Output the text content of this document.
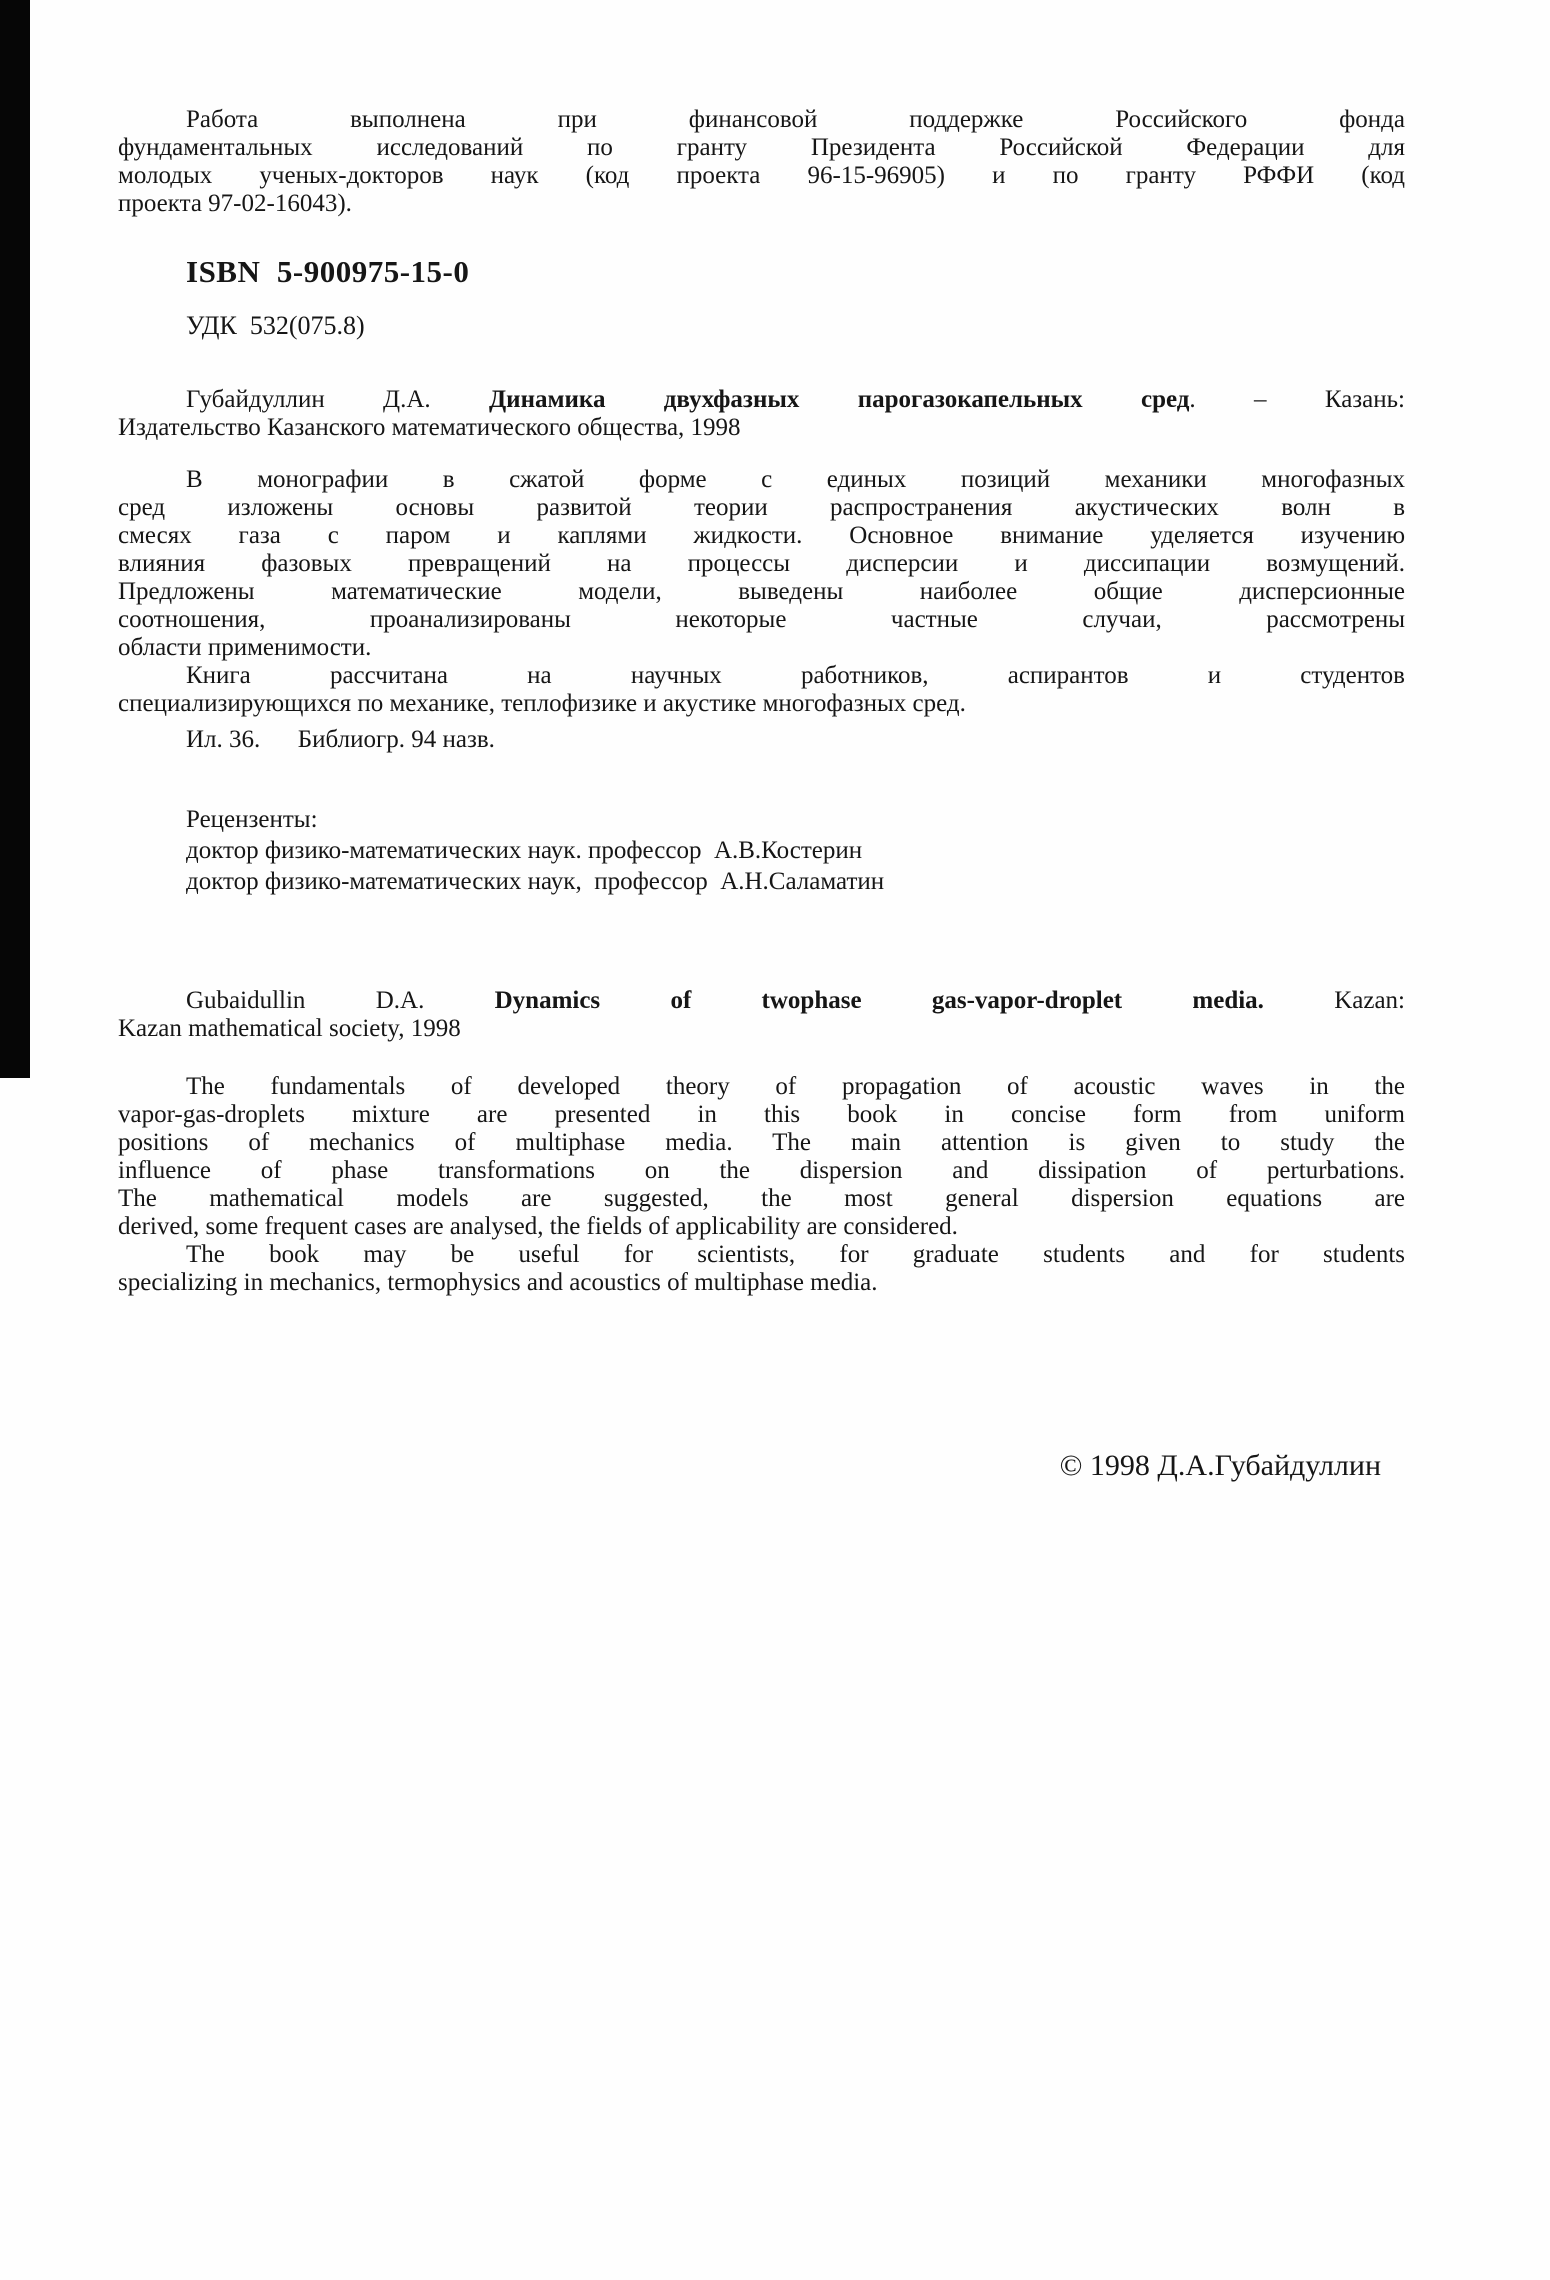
Работа выполнена при финансовой поддержке Российского фонда
фундаментальных исследований по гранту Президента Российской Федерации для
молодых ученых-докторов наук (код проекта 96-15-96905) и по гранту РФФИ (код
проекта 97-02-16043).
ISBN  5-900975-15-0
УДК  532(075.8)
Губайдуллин Д.А. Динамика двухфазных парогазокапельных сред. – Казань:
Издательство Казанского математического общества, 1998
В монографии в сжатой форме с единых позиций механики многофазных
сред изложены основы развитой теории распространения акустических волн в
смесях газа с паром и каплями жидкости. Основное внимание уделяется изучению
влияния фазовых превращений на процессы дисперсии и диссипации возмущений.
Предложены математические модели, выведены наиболее общие дисперсионные
соотношения, проанализированы некоторые частные случаи, рассмотрены
области применимости.
Книга рассчитана на научных работников, аспирантов и студентов
специализирующихся по механике, теплофизике и акустике многофазных сред.
Ил. 36.      Библиогр. 94 назв.
Рецензенты:
доктор физико-математических наук. профессор  А.В.Костерин
доктор физико-математических наук,  профессор  А.Н.Саламатин
Gubaidullin D.A. Dynamics of twophase gas-vapor-droplet media. Kazan:
Kazan mathematical society, 1998
The fundamentals of developed theory of propagation of acoustic waves in the
vapor-gas-droplets mixture are presented in this book in concise form from uniform
positions of mechanics of multiphase media. The main attention is given to study the
influence of phase transformations on the dispersion and dissipation of perturbations.
The mathematical models are suggested, the most general dispersion equations are
derived, some frequent cases are analysed, the fields of applicability are considered.
The book may be useful for scientists, for graduate students and for students
specializing in mechanics, termophysics and acoustics of multiphase media.
© 1998 Д.А.Губайдуллин
